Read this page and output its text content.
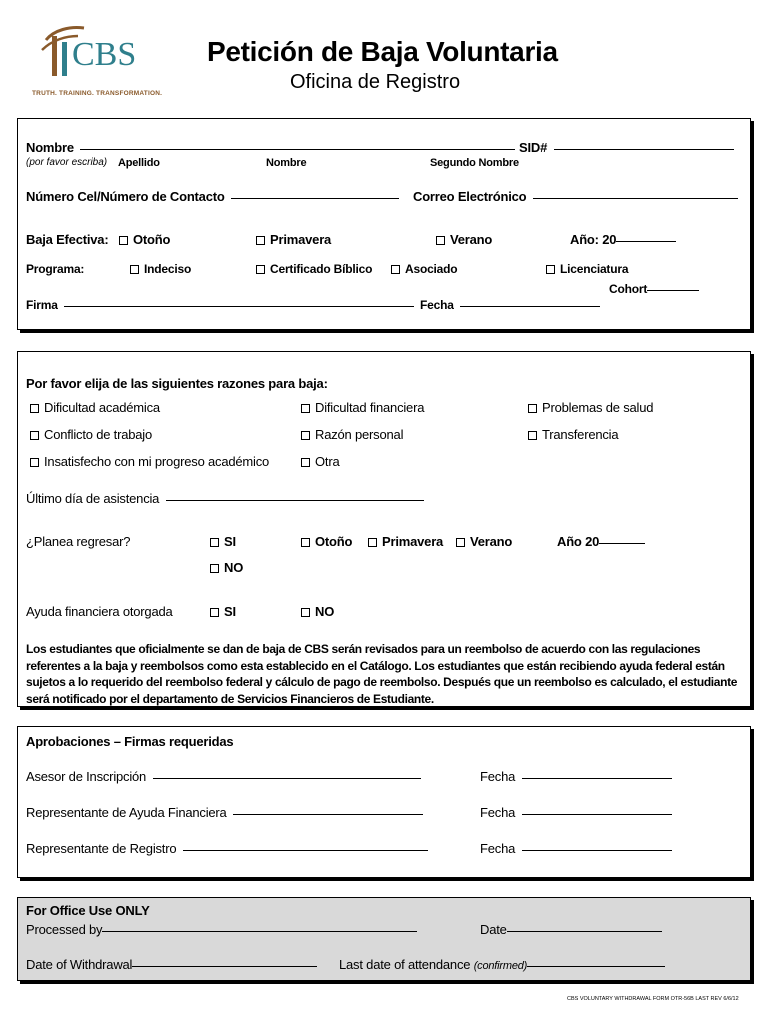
CBS
TRUTH. TRAINING. TRANSFORMATION.
Petición de Baja Voluntaria
Oficina de Registro
Nombre	SID#
(por favor escriba) Apellido	Nombre	Segundo Nombre
Número Cel/Número de Contacto	Correo Electrónico
Baja Efectiva:	Otoño	Primavera	Verano	Año: 20
Programa:	Indeciso	Certificado Bíblico	Asociado	Licenciatura
Cohort
Firma	Fecha
Por favor elija de las siguientes razones para baja:
Dificultad académica	Dificultad financiera	Problemas de salud
Conflicto de trabajo	Razón personal	Transferencia
Insatisfecho con mi progreso académico	Otra
Último día de asistencia
¿Planea regresar?	SI	Otoño	Primavera	Verano	Año 20
NO
Ayuda financiera otorgada	SI	NO
Los estudiantes que oficialmente se dan de baja de CBS serán revisados para un reembolso de acuerdo con las regulaciones referentes a la baja y reembolsos como esta establecido en el Catálogo. Los estudiantes que están recibiendo ayuda federal están sujetos a lo requerido del reembolso federal y cálculo de pago de reembolso. Después que un reembolso es calculado, el estudiante será notificado por el departamento de Servicios Financieros de Estudiante.
Aprobaciones – Firmas requeridas
Asesor de Inscripción	Fecha
Representante de Ayuda Financiera	Fecha
Representante de Registro	Fecha
For Office Use ONLY
Processed by	Date
Date of Withdrawal	Last date of attendance (confirmed)
CBS VOLUNTARY WITHDRAWAL FORM OTR-56B LAST REV 6/6/12
